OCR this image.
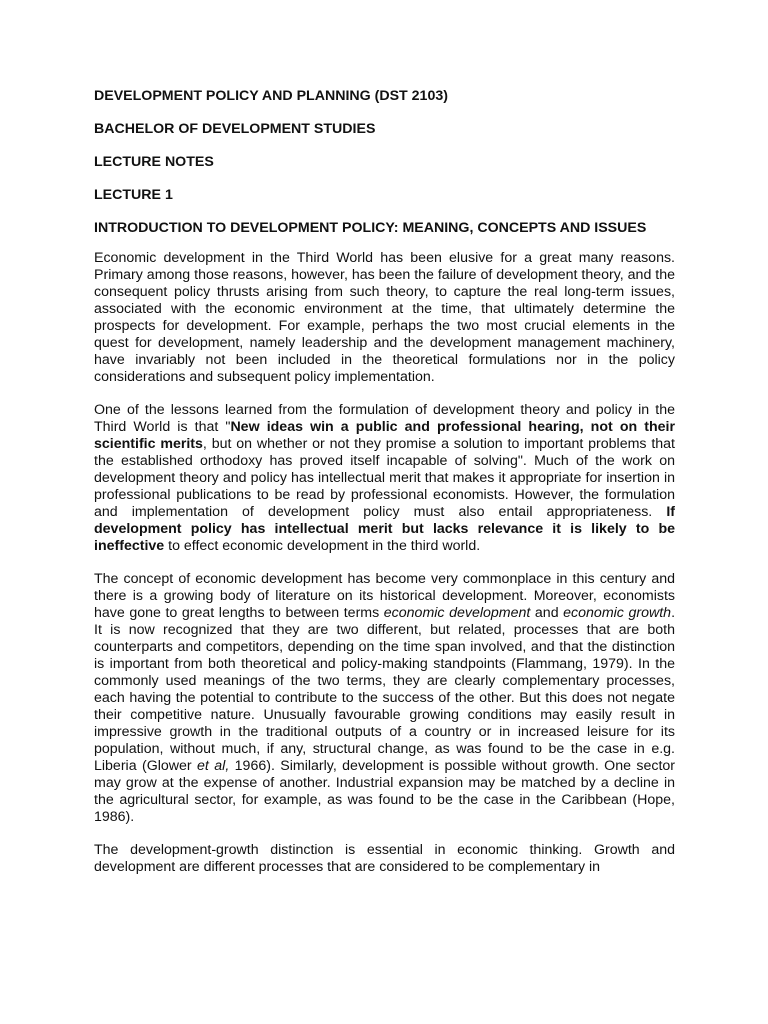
DEVELOPMENT POLICY AND PLANNING (DST 2103)
BACHELOR OF DEVELOPMENT STUDIES
LECTURE NOTES
LECTURE 1
INTRODUCTION TO DEVELOPMENT POLICY: MEANING, CONCEPTS AND ISSUES

Economic development in the Third World has been elusive for a great many reasons. Primary among those reasons, however, has been the failure of development theory, and the consequent policy thrusts arising from such theory, to capture the real long-term issues, associated with the economic environment at the time, that ultimately determine the prospects for development. For example, perhaps the two most crucial elements in the quest for development, namely leadership and the development management machinery, have invariably not been included in the theoretical formulations nor in the policy considerations and subsequent policy implementation.

One of the lessons learned from the formulation of development theory and policy in the Third World is that "New ideas win a public and professional hearing, not on their scientific merits, but on whether or not they promise a solution to important problems that the established orthodoxy has proved itself incapable of solving". Much of the work on development theory and policy has intellectual merit that makes it appropriate for insertion in professional publications to be read by professional economists. However, the formulation and implementation of development policy must also entail appropriateness. If development policy has intellectual merit but lacks relevance it is likely to be ineffective to effect economic development in the third world.

The concept of economic development has become very commonplace in this century and there is a growing body of literature on its historical development. Moreover, economists have gone to great lengths to between terms economic development and economic growth. It is now recognized that they are two different, but related, processes that are both counterparts and competitors, depending on the time span involved, and that the distinction is important from both theoretical and policy-making standpoints (Flammang, 1979). In the commonly used meanings of the two terms, they are clearly complementary processes, each having the potential to contribute to the success of the other. But this does not negate their competitive nature. Unusually favourable growing conditions may easily result in impressive growth in the traditional outputs of a country or in increased leisure for its population, without much, if any, structural change, as was found to be the case in e.g. Liberia (Glower et al, 1966). Similarly, development is possible without growth. One sector may grow at the expense of another. Industrial expansion may be matched by a decline in the agricultural sector, for example, as was found to be the case in the Caribbean (Hope, 1986).

The development-growth distinction is essential in economic thinking. Growth and development are different processes that are considered to be complementary in
